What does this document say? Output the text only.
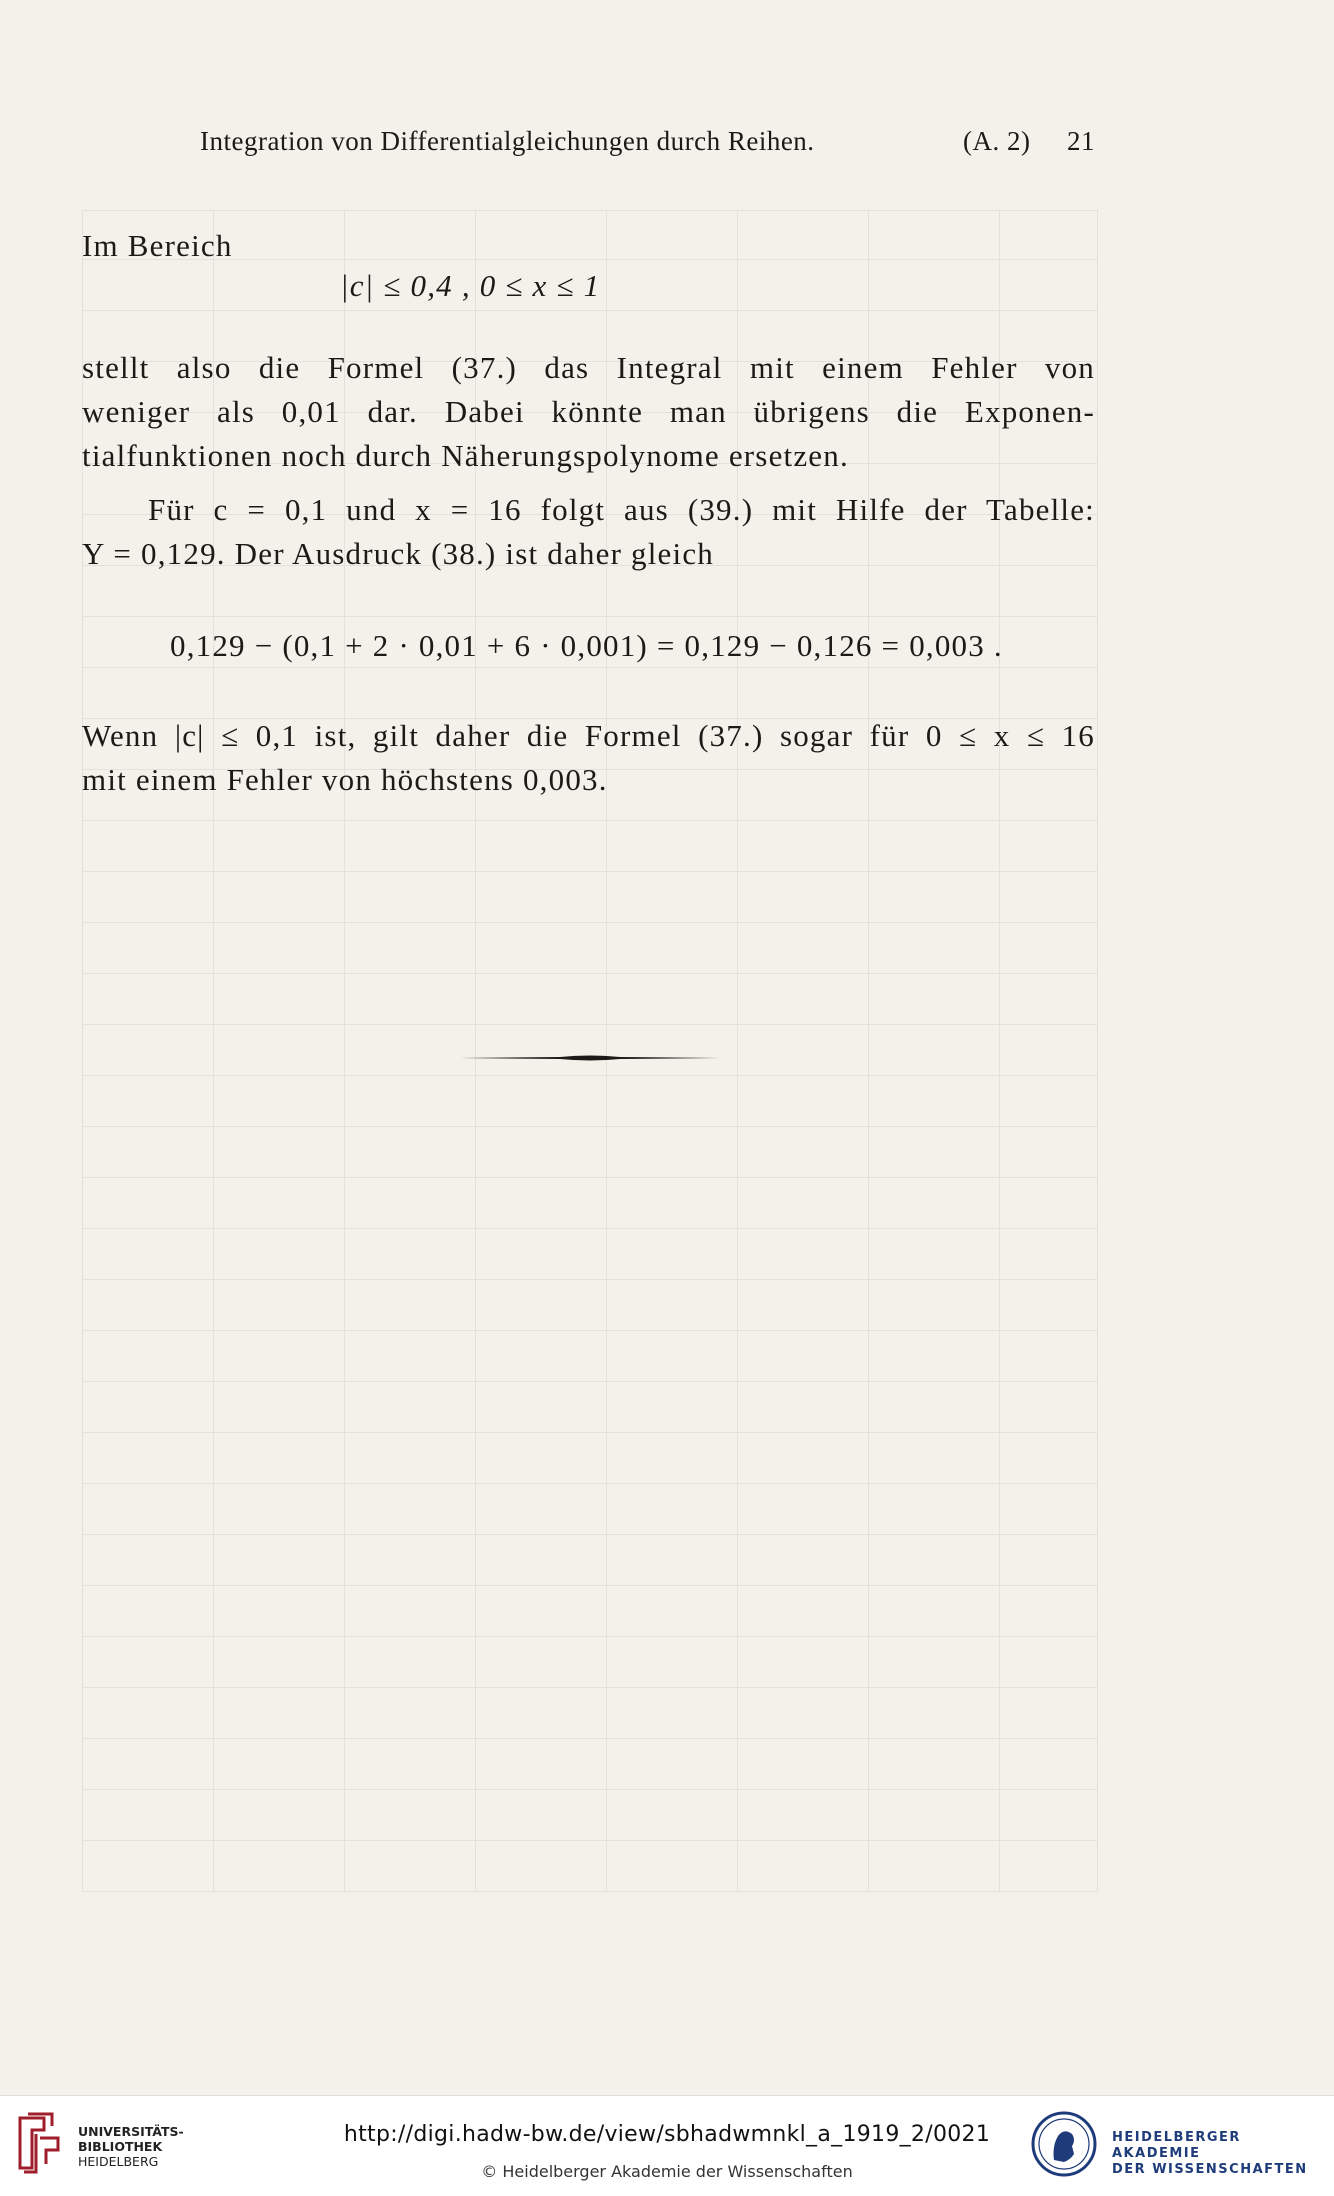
Integration von Differentialgleichungen durch Reihen.	(A. 2) 21
Im Bereich
|c| ≤ 0,4 , 0 ≤ x ≤ 1
stellt also die Formel (37.) das Integral mit einem Fehler von
weniger als 0,01 dar. Dabei könnte man übrigens die Exponen-
tialfunktionen noch durch Näherungspolynome ersetzen.
Für c = 0,1 und x = 16 folgt aus (39.) mit Hilfe der Tabelle:
Y = 0,129. Der Ausdruck (38.) ist daher gleich
0,129 − (0,1 + 2 · 0,01 + 6 · 0,001) = 0,129 − 0,126 = 0,003 .
Wenn |c| ≤ 0,1 ist, gilt daher die Formel (37.) sogar für 0 ≤ x ≤ 16
mit einem Fehler von höchstens 0,003.
UNIVERSITÄTS-
BIBLIOTHEK
HEIDELBERG
http://digi.hadw-bw.de/view/sbhadwmnkl_a_1919_2/0021
© Heidelberger Akademie der Wissenschaften
HEIDELBERGER AKADEMIE
DER WISSENSCHAFTEN
